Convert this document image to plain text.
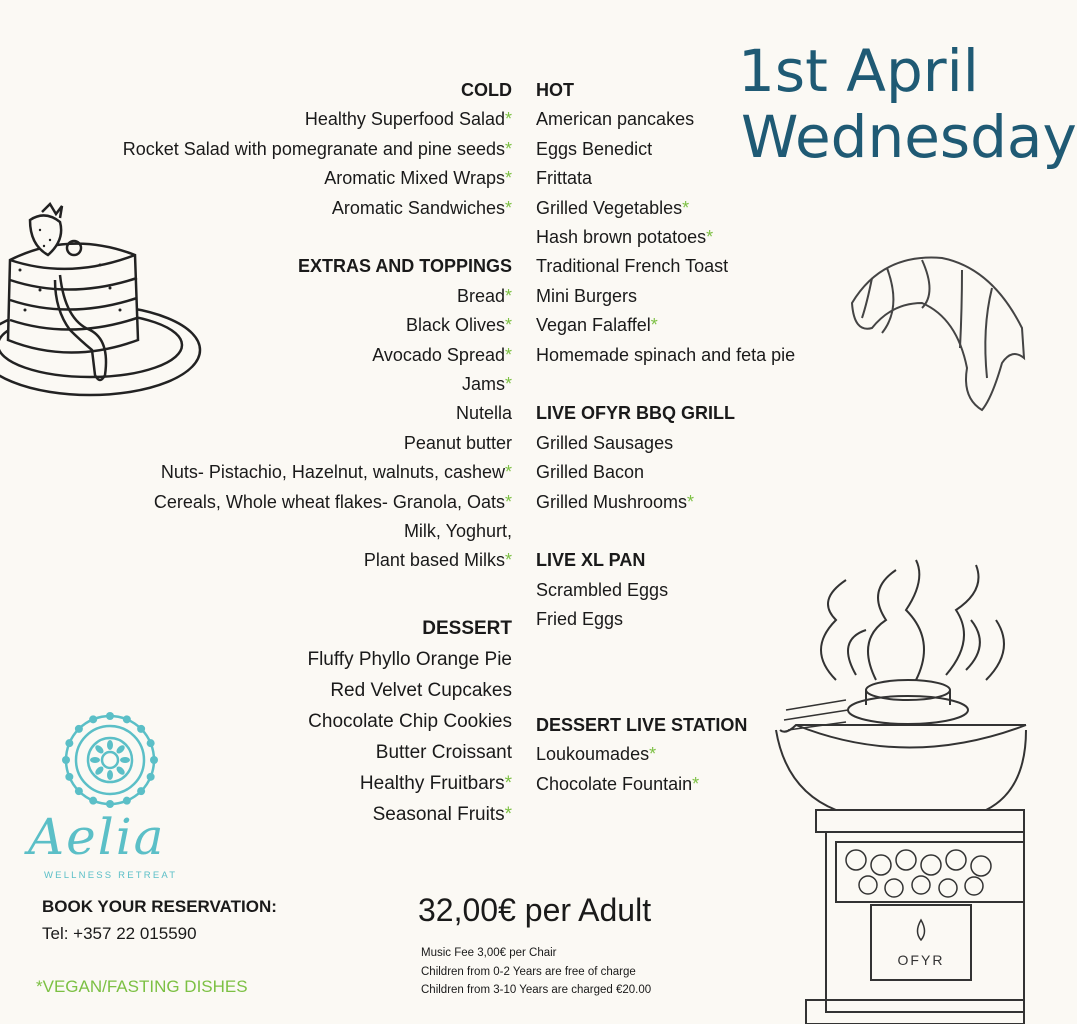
1st April
Wednesday
COLD
Healthy Superfood Salad*
Rocket Salad with pomegranate and pine seeds*
Aromatic Mixed Wraps*
Aromatic Sandwiches*
EXTRAS AND TOPPINGS
Bread*
Black Olives*
Avocado Spread*
Jams*
Nutella
Peanut butter
Nuts- Pistachio, Hazelnut, walnuts, cashew*
Cereals, Whole wheat flakes- Granola, Oats*
Milk, Yoghurt,
Plant based Milks*
DESSERT
Fluffy Phyllo Orange Pie
Red Velvet Cupcakes
Chocolate Chip Cookies
Butter Croissant
Healthy Fruitbars*
Seasonal Fruits*
HOT
American pancakes
Eggs Benedict
Frittata
Grilled Vegetables*
Hash brown potatoes*
Traditional French Toast
Mini Burgers
Vegan Falaffel*
Homemade spinach and feta pie
LIVE OFYR BBQ GRILL
Grilled Sausages
Grilled Bacon
Grilled Mushrooms*
LIVE XL PAN
Scrambled Eggs
Fried Eggs
DESSERT LIVE STATION
Loukoumades*
Chocolate Fountain*
32,00€ per Adult
Music Fee 3,00€ per Chair
Children from 0-2 Years are free of charge
Children from 3-10 Years are charged €20.00
BOOK YOUR RESERVATION:
Tel: +357 22 015590
*VEGAN/FASTING DISHES
Aelia
WELLNESS RETREAT
OFYR
